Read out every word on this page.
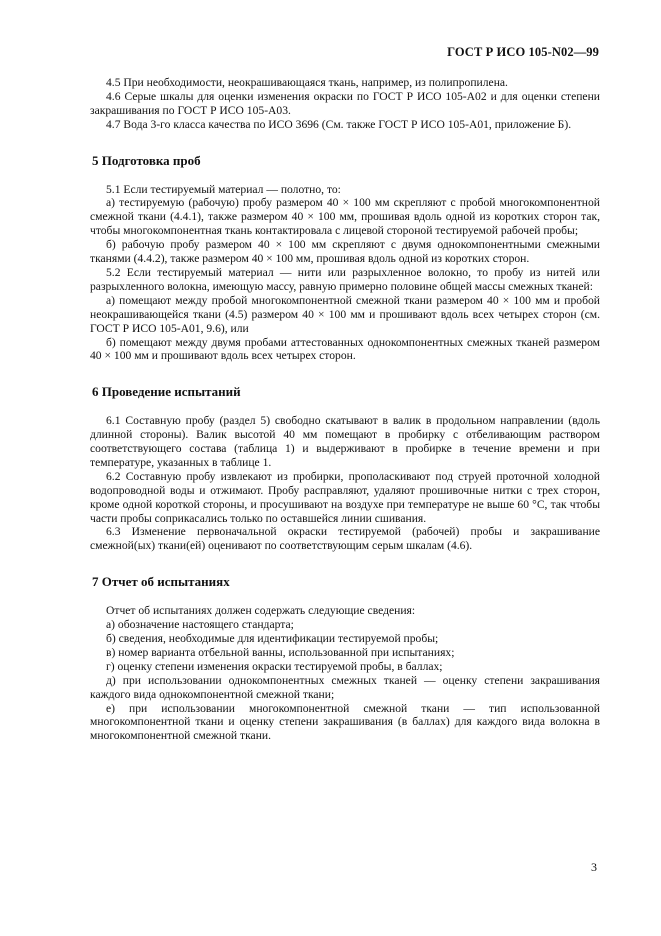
ГОСТ Р ИСО 105-N02—99

4.5 При необходимости, неокрашивающаяся ткань, например, из полипропилена.

4.6 Серые шкалы для оценки изменения окраски по ГОСТ Р ИСО 105-А02 и для оценки степени закрашивания по ГОСТ Р ИСО 105-А03.

4.7 Вода 3-го класса качества по ИСО 3696 (См. также ГОСТ Р ИСО 105-А01, приложение Б).

5 Подготовка проб

5.1 Если тестируемый материал — полотно, то:

а) тестируемую (рабочую) пробу размером 40 × 100 мм скрепляют с пробой многокомпонентной смежной ткани (4.4.1), также размером 40 × 100 мм, прошивая вдоль одной из коротких сторон так, чтобы многокомпонентная ткань контактировала с лицевой стороной тестируемой рабочей пробы;

б) рабочую пробу размером 40 × 100 мм скрепляют с двумя однокомпонентными смежными тканями (4.4.2), также размером 40 × 100 мм, прошивая вдоль одной из коротких сторон.

5.2 Если тестируемый материал — нити или разрыхленное волокно, то пробу из нитей или разрыхленного волокна, имеющую массу, равную примерно половине общей массы смежных тканей:

а) помещают между пробой многокомпонентной смежной ткани размером 40 × 100 мм и пробой неокрашивающейся ткани (4.5) размером 40 × 100 мм и прошивают вдоль всех четырех сторон (см. ГОСТ Р ИСО 105-А01, 9.6), или

б) помещают между двумя пробами аттестованных однокомпонентных смежных тканей размером 40 × 100 мм и прошивают вдоль всех четырех сторон.

6 Проведение испытаний

6.1 Составную пробу (раздел 5) свободно скатывают в валик в продольном направлении (вдоль длинной стороны). Валик высотой 40 мм помещают в пробирку с отбеливающим раствором соответствующего состава (таблица 1) и выдерживают в пробирке в течение времени и при температуре, указанных в таблице 1.

6.2 Составную пробу извлекают из пробирки, прополаскивают под струей проточной холодной водопроводной воды и отжимают. Пробу расправляют, удаляют прошивочные нитки с трех сторон, кроме одной короткой стороны, и просушивают на воздухе при температуре не выше 60 °С, так чтобы части пробы соприкасались только по оставшейся линии сшивания.

6.3 Изменение первоначальной окраски тестируемой (рабочей) пробы и закрашивание смежной(ых) ткани(ей) оценивают по соответствующим серым шкалам (4.6).

7 Отчет об испытаниях

Отчет об испытаниях должен содержать следующие сведения:

а) обозначение настоящего стандарта;

б) сведения, необходимые для идентификации тестируемой пробы;

в) номер варианта отбельной ванны, использованной при испытаниях;

г) оценку степени изменения окраски тестируемой пробы, в баллах;

д) при использовании однокомпонентных смежных тканей — оценку степени закрашивания каждого вида однокомпонентной смежной ткани;

е) при использовании многокомпонентной смежной ткани — тип использованной многокомпонентной ткани и оценку степени закрашивания (в баллах) для каждого вида волокна в многокомпонентной смежной ткани.

3
